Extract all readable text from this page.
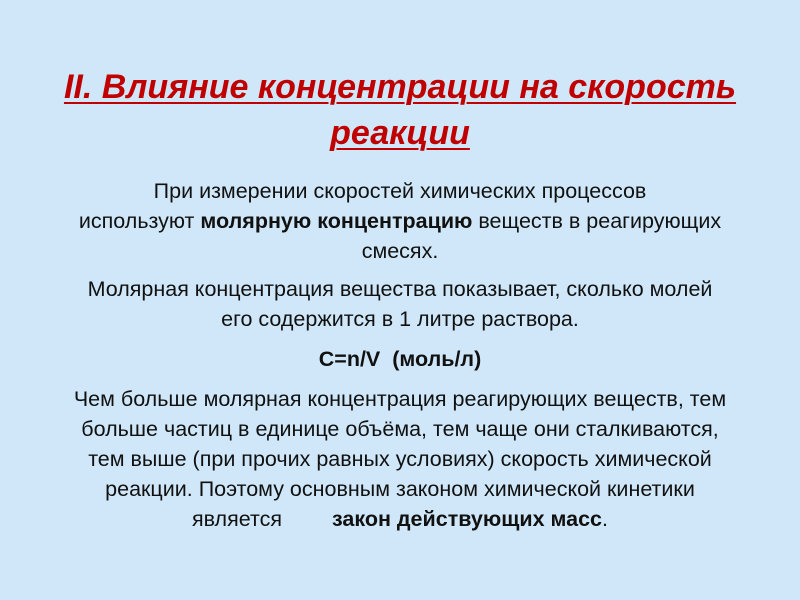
II. Влияние концентрации на скорость
реакции

При измерении скоростей химических процессов
используют молярную концентрацию веществ в реагирующих
смесях.

Молярная концентрация вещества показывает, сколько молей
его содержится в 1 литре раствора.

С=n/V  (моль/л)

Чем больше молярная концентрация реагирующих веществ, тем
больше частиц в единице объёма, тем чаще они сталкиваются,
тем выше (при прочих равных условиях) скорость химической
реакции. Поэтому основным законом химической кинетики
является закон действующих масс.
